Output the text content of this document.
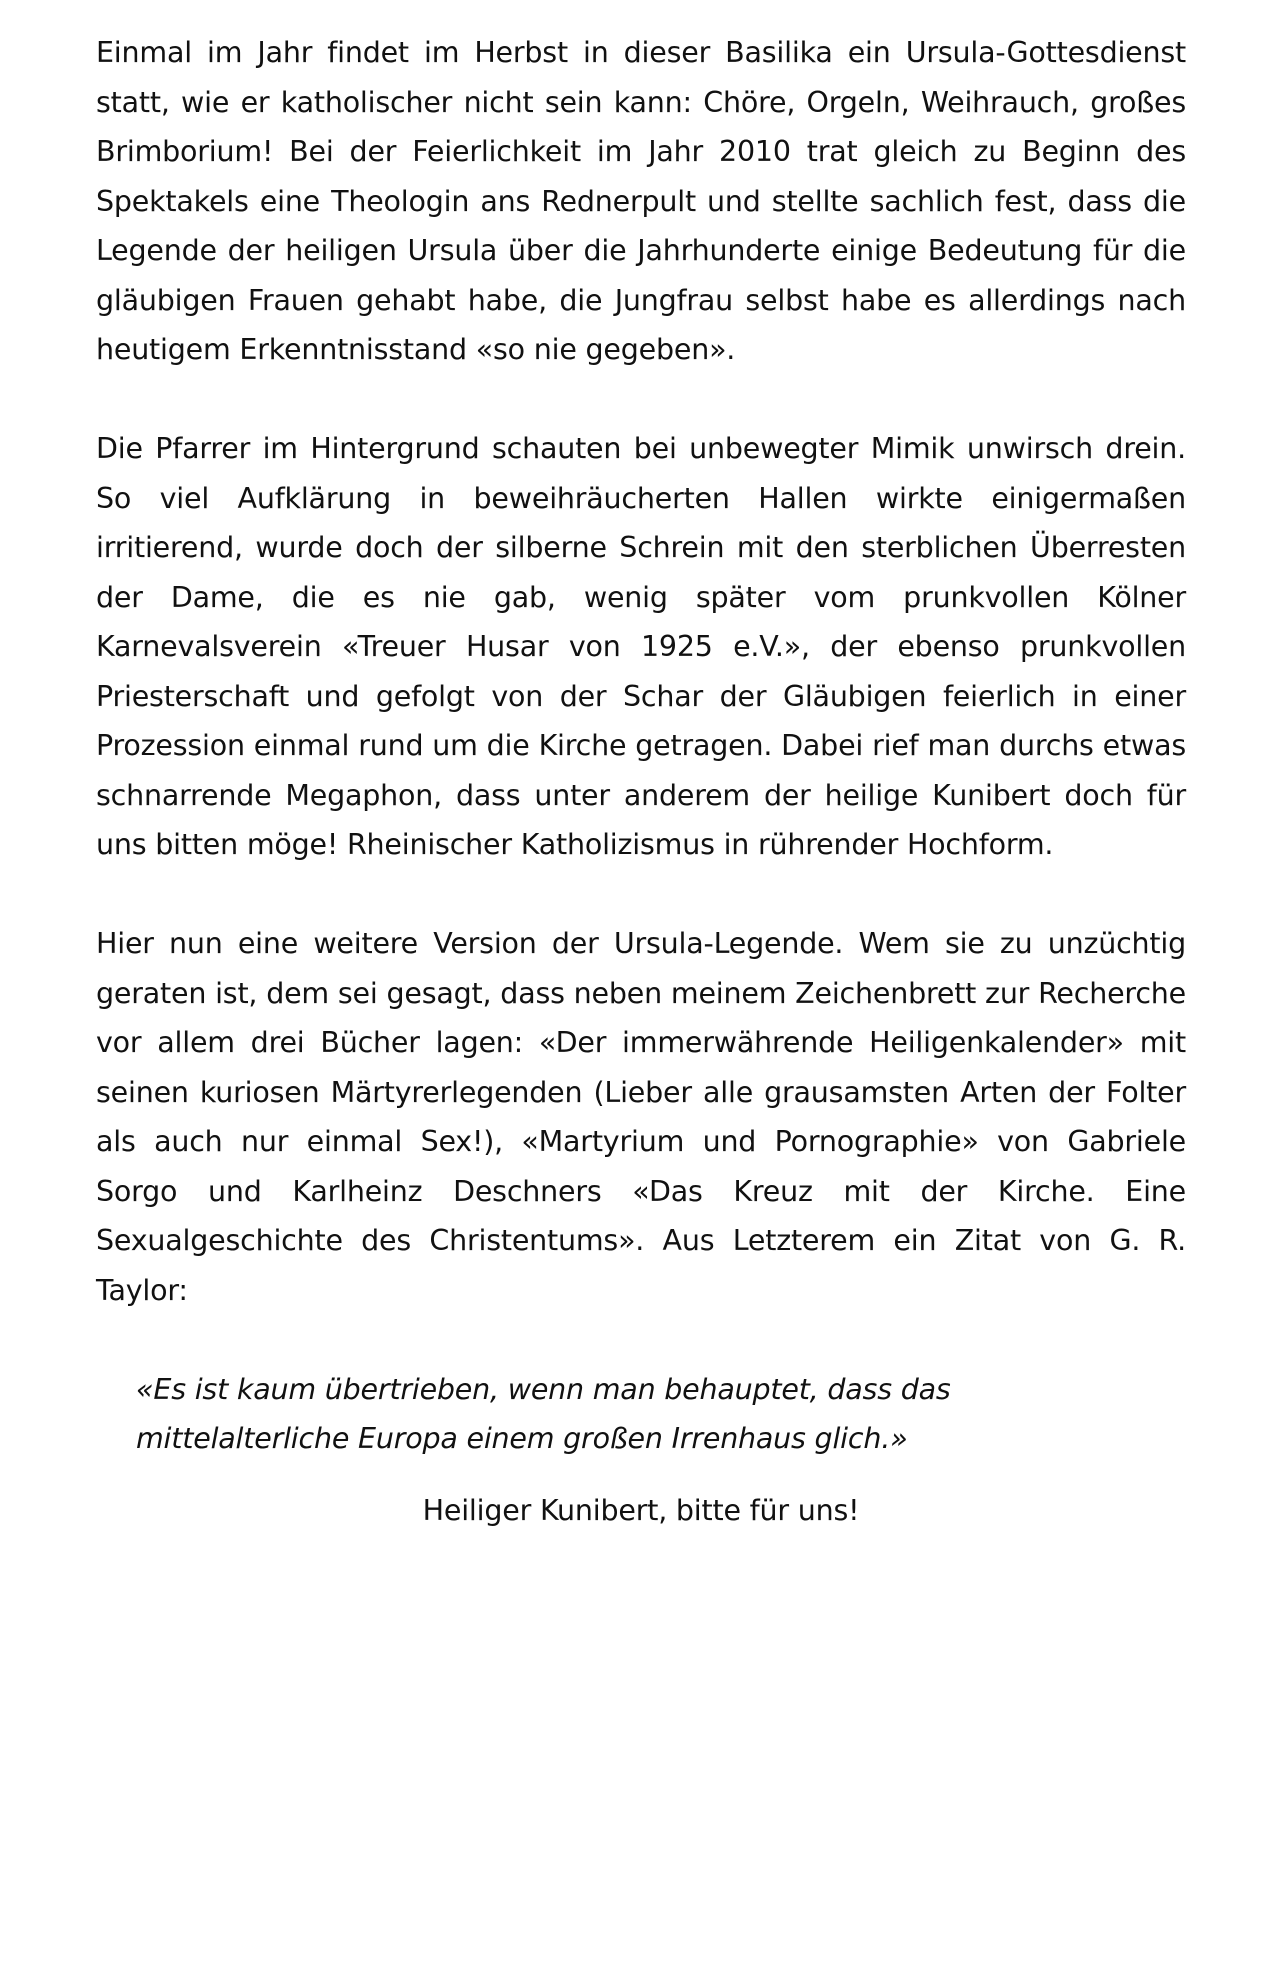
Einmal im Jahr findet im Herbst in dieser Basilika ein Ursula-Gottesdienst statt, wie er katholischer nicht sein kann: Chöre, Orgeln, Weihrauch, großes Brimborium! Bei der Feierlichkeit im Jahr 2010 trat gleich zu Beginn des Spektakels eine Theologin ans Rednerpult und stellte sachlich fest, dass die Legende der heiligen Ursula über die Jahrhunderte einige Bedeutung für die gläubigen Frauen gehabt habe, die Jungfrau selbst habe es allerdings nach heutigem Erkenntnisstand «so nie gegeben».

Die Pfarrer im Hintergrund schauten bei unbewegter Mimik unwirsch drein. So viel Aufklärung in beweihräucherten Hallen wirkte einigermaßen irritierend, wurde doch der silberne Schrein mit den sterblichen Überresten der Dame, die es nie gab, wenig später vom prunkvollen Kölner Karnevalsverein «Treuer Husar von 1925 e.V.», der ebenso prunkvollen Priesterschaft und gefolgt von der Schar der Gläubigen feierlich in einer Prozession einmal rund um die Kirche getragen. Dabei rief man durchs etwas schnarrende Megaphon, dass unter anderem der heilige Kunibert doch für uns bitten möge! Rheinischer Katholizismus in rührender Hochform.

Hier nun eine weitere Version der Ursula-Legende. Wem sie zu unzüchtig geraten ist, dem sei gesagt, dass neben meinem Zeichenbrett zur Recherche vor allem drei Bücher lagen: «Der immerwährende Heiligenkalender» mit seinen kuriosen Märtyrerlegenden (Lieber alle grausamsten Arten der Folter als auch nur einmal Sex!), «Martyrium und Pornographie» von Gabriele Sorgo und Karlheinz Deschners «Das Kreuz mit der Kirche. Eine Sexualgeschichte des Christentums». Aus Letzterem ein Zitat von G. R. Taylor:

«Es ist kaum übertrieben, wenn man behauptet, dass das mittelalterliche Europa einem großen Irrenhaus glich.»

Heiliger Kunibert, bitte für uns!
